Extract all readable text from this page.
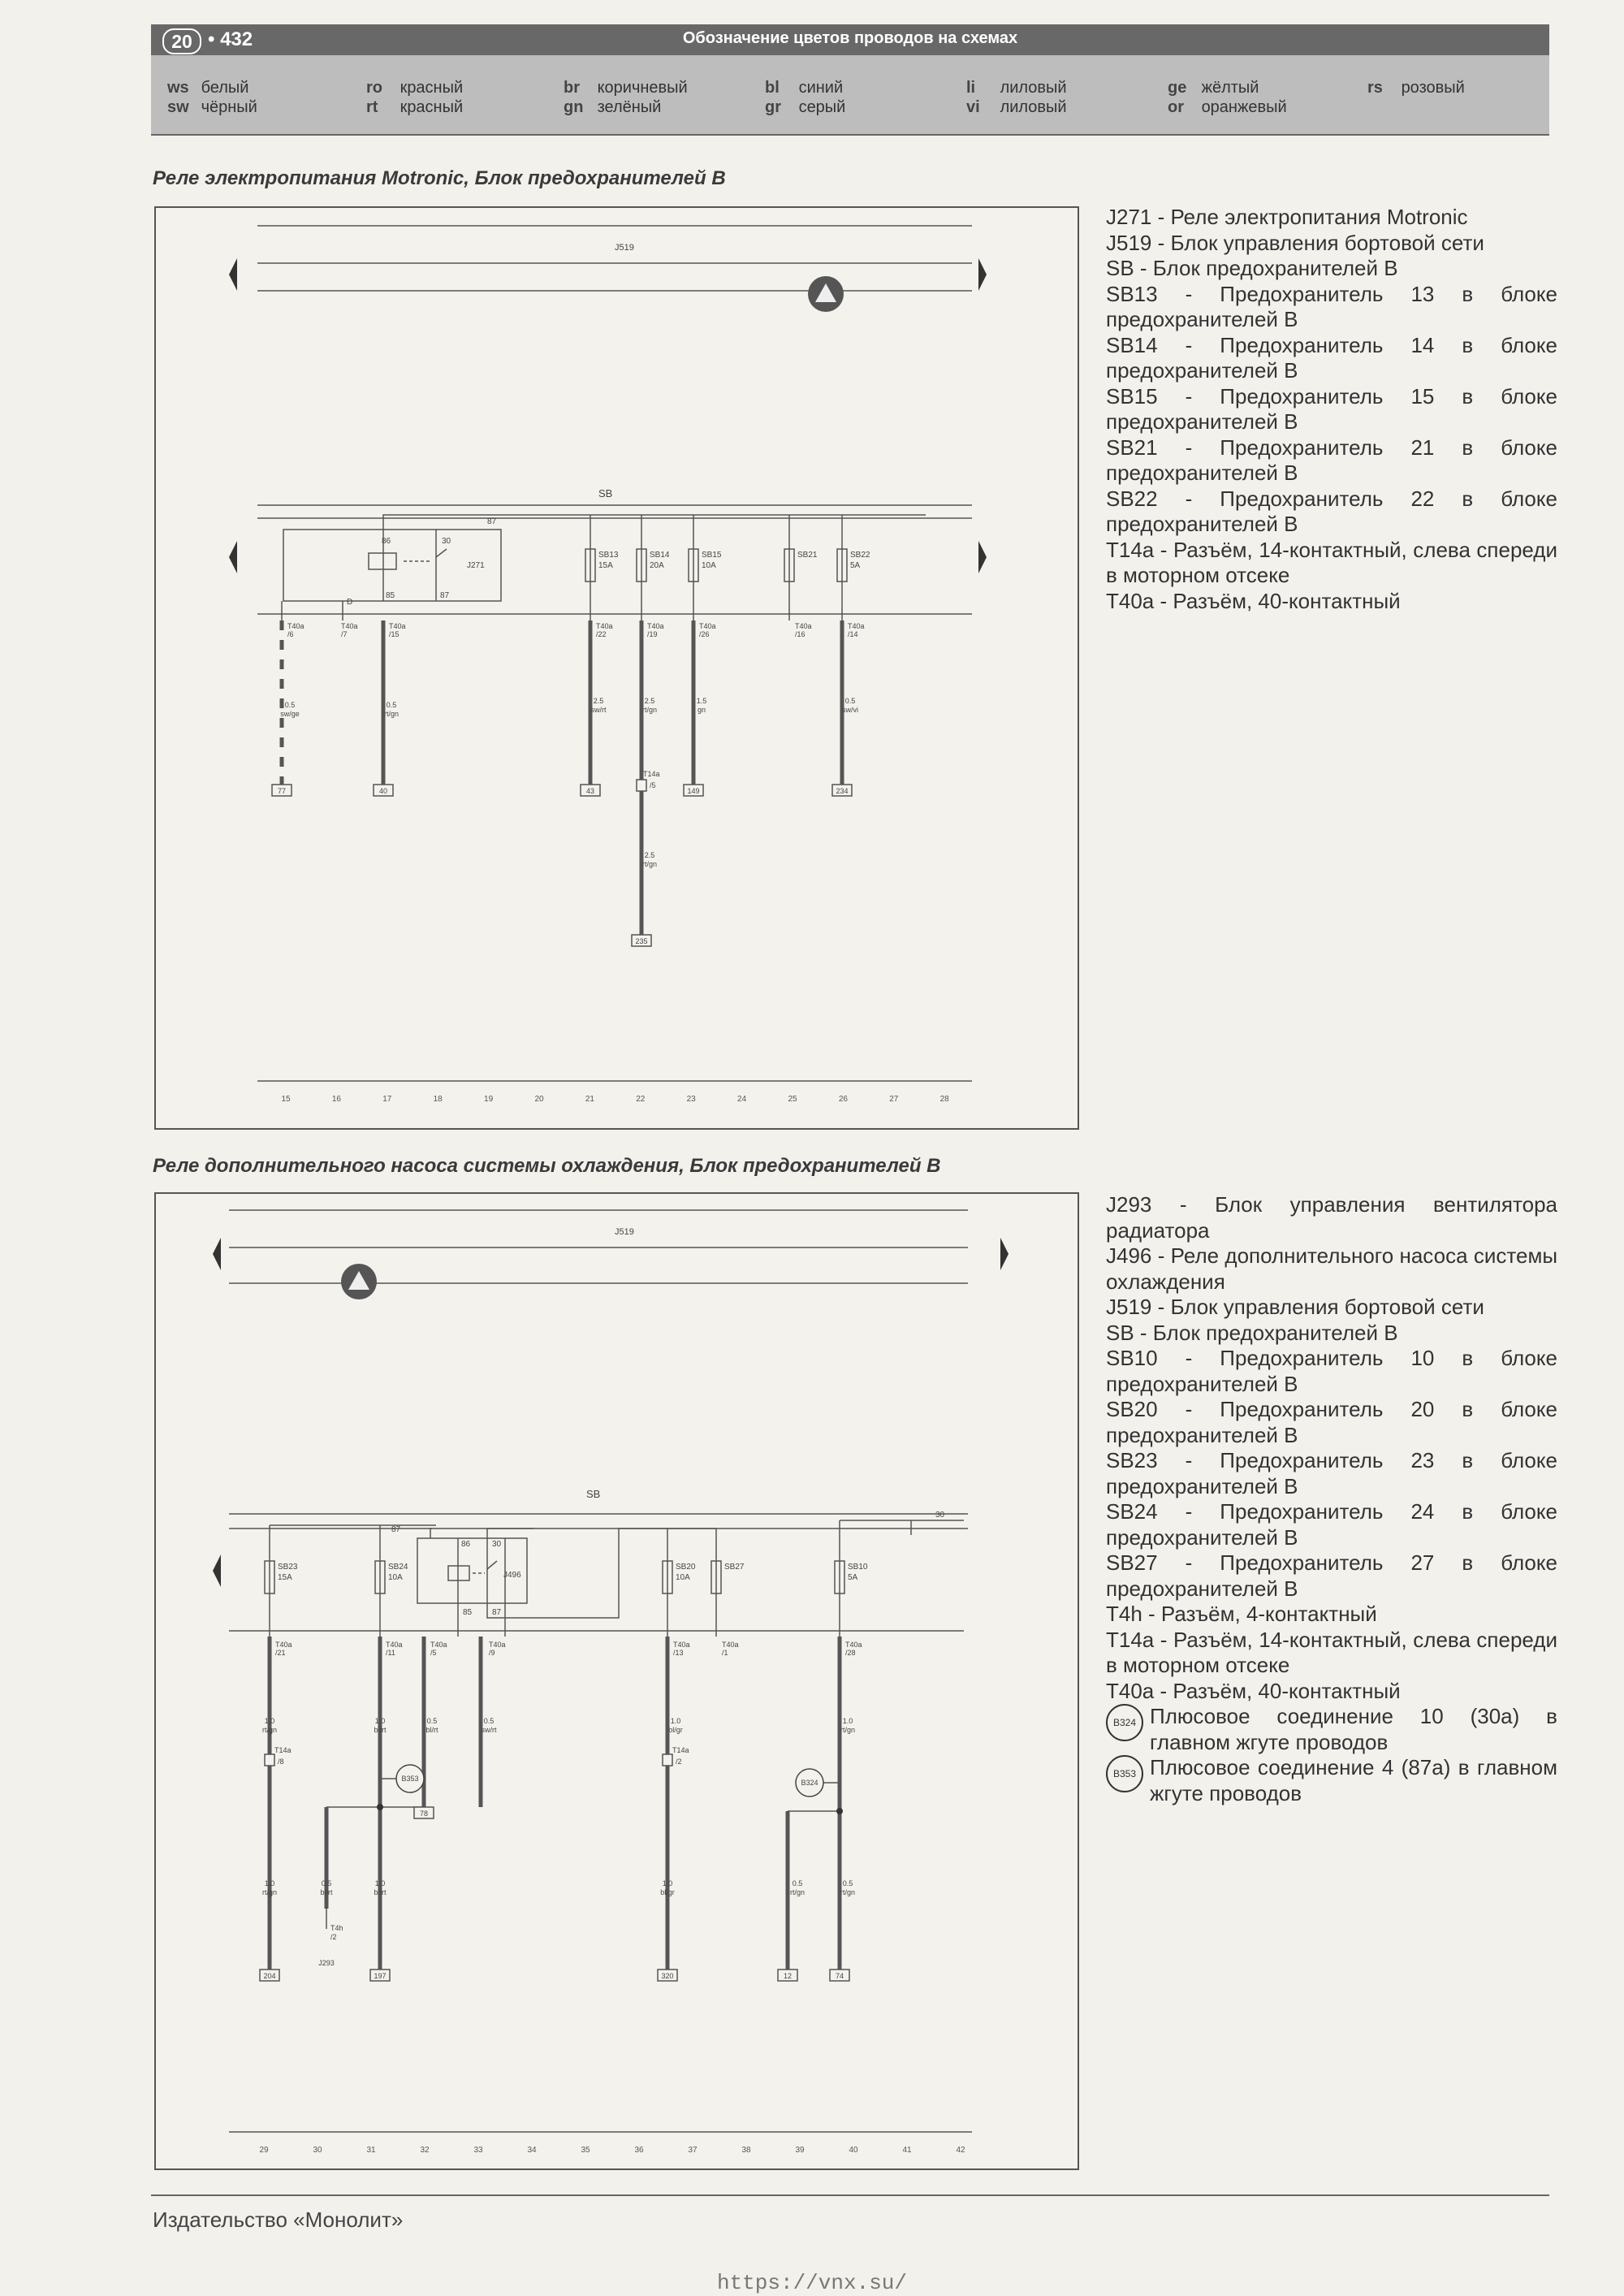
20 • 432	Обозначение цветов проводов на схемах
ws белый
sw чёрный
ro красный
rt красный
br коричневый
gn зелёный
bl синий
gr серый
li лиловый
vi лиловый
ge жёлтый
or оранжевый
rs розовый
Реле электропитания Motronic, Блок предохранителей В
J519
SB
86	30
85	87
J271
D
87
SB13
15A
SB14
20A
SB15
10A
SB21	SB22
5A
T40a
/6
T40a
/7
T40a
/15
T40a
/22
T40a
/19
T40a
/26
T40a
/16
T40a
/14
0.5
sw/ge
0.5
rt/gn
2.5
sw/rt
2.5
rt/gn
1.5
gn
0.5
sw/vi
T14a
/5
2.5
rt/gn
77	40	43	149	234
235
15	16	17	18	19	20	21	22	23	24	25	26	27	28
J271 - Реле электропитания Motronic
J519 - Блок управления бортовой сети
SB - Блок предохранителей В
SB13 - Предохранитель 13 в блоке предохранителей В
SB14 - Предохранитель 14 в блоке предохранителей В
SB15 - Предохранитель 15 в блоке предохранителей В
SB21 - Предохранитель 21 в блоке предохранителей В
SB22 - Предохранитель 22 в блоке предохранителей В
T14a - Разъём, 14-контактный, слева спереди в моторном отсеке
T40a - Разъём, 40-контактный
Реле дополнительного насоса системы охлаждения, Блок предохранителей В
J519
SB
87
30
86	30
85 87
J496
SB23
15A
SB24
10A
SB20
10A
SB27	SB10
5A
T40a
/21
T40a
/11
T40a
/5
T40a
/9
T40a
/13
T40a
/1
T40a
/28
1.0
rt/gn
1.0
bl/rt
0.5
bl/rt
0.5
sw/rt
1.0
bl/gr
1.0
rt/gn
T14a
/8
T14a
/2
B353	B324
1.0
rt/gn
0.5
bl/rt
1.0
bl/rt
1.0
bl/gr
0.5
rt/gn
0.5
rt/gn
T4h
/2
J293
78
204	197	320	12	74
29	30	31	32	33	34	35	36	37	38	39	40	41	42
J293 - Блок управления вентилятора радиатора
J496 - Реле дополнительного насоса системы охлаждения
J519 - Блок управления бортовой сети
SB - Блок предохранителей В
SB10 - Предохранитель 10 в блоке предохранителей В
SB20 - Предохранитель 20 в блоке предохранителей В
SB23 - Предохранитель 23 в блоке предохранителей В
SB24 - Предохранитель 24 в блоке предохранителей В
SB27 - Предохранитель 27 в блоке предохранителей В
T4h - Разъём, 4-контактный
T14a - Разъём, 14-контактный, слева спереди в моторном отсеке
T40a - Разъём, 40-контактный
B324 Плюсовое соединение 10 (30a) в главном жгуте проводов
B353 Плюсовое соединение 4 (87a) в главном жгуте проводов
Издательство «Монолит»
https://vnx.su/
